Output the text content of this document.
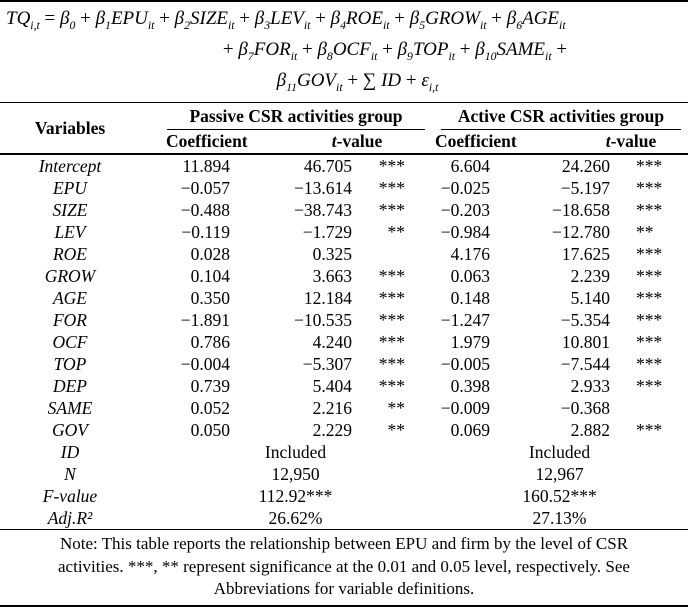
$TQ_{i,t} = \beta_0 + \beta_1EPU_{it}$ + $\beta_2SIZE_{it} + \beta_3LEV_{it} + \beta_4ROE_{it}$ + $\beta_5GROW_{it} + \beta_6AGE_{it}$
+ $\beta_7FOR_{it} + \beta_8OCF_{it} + \beta_9TOP_{it}$ + $\beta_{10}SAME_{it}$ +
$\beta_{11}GOV_{it}$ + ∑ ID + $\varepsilon_{i,t}$
Variables	Passive CSR activities group			Active CSR activities group		

	Coefficient	t-value		Coefficient	t-value	
Intercept	11.894	46.705	***	6.604	24.260	***
EPU	−0.057	−13.614	***	−0.025	−5.197	***
SIZE	−0.488	−38.743	***	−0.203	−18.658	***
LEV	−0.119	−1.729	**	−0.984	−12.780	**
ROE	0.028	0.325		4.176	17.625	***
GROW	0.104	3.663	***	0.063	2.239	***
AGE	0.350	12.184	***	0.148	5.140	***
FOR	−1.891	−10.535	***	−1.247	−5.354	***
OCF	0.786	4.240	***	1.979	10.801	***
TOP	−0.004	−5.307	***	−0.005	−7.544	***
DEP	0.739	5.404	***	0.398	2.933	***
SAME	0.052	2.216	**	−0.009	−0.368	
GOV	0.050	2.229	**	0.069	2.882	***
ID	Included			Included		
N	12,950			12,967		
F-value	112.92***			160.52***		
Adj.R²	26.62%			27.13%		
Note: This table reports the relationship between EPU and firm by the level of CSR
activities. ***, ** represent significance at the 0.01 and 0.05 level, respectively. See
Abbreviations for variable definitions.
